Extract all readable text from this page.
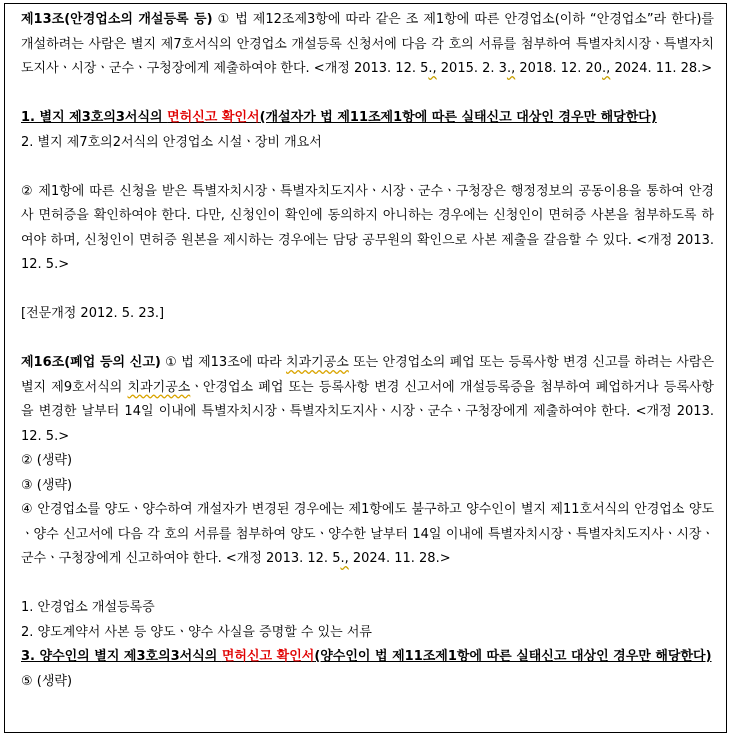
제13조(안경업소의 개설등록 등) ① 법 제12조제3항에 따라 같은 조 제1항에 따른 안경업소(이하 “안경업소”라 한다)를 개설하려는 사람은 별지 제7호서식의 안경업소 개설등록 신청서에 다음 각 호의 서류를 첨부하여 특별자치시장ㆍ특별자치도지사ㆍ시장ㆍ군수ㆍ구청장에게 제출하여야 한다. <개정 2013. 12. 5., 2015. 2. 3., 2018. 12. 20., 2024. 11. 28.>

1. 별지 제3호의3서식의 면허신고 확인서(개설자가 법 제11조제1항에 따른 실태신고 대상인 경우만 해당한다)

2. 별지 제7호의2서식의 안경업소 시설ㆍ장비 개요서

② 제1항에 따른 신청을 받은 특별자치시장ㆍ특별자치도지사ㆍ시장ㆍ군수ㆍ구청장은 행정정보의 공동이용을 통하여 안경사 면허증을 확인하여야 한다. 다만, 신청인이 확인에 동의하지 아니하는 경우에는 신청인이 면허증 사본을 첨부하도록 하여야 하며, 신청인이 면허증 원본을 제시하는 경우에는 담당 공무원의 확인으로 사본 제출을 갈음할 수 있다. <개정 2013. 12. 5.>

[전문개정 2012. 5. 23.]

제16조(폐업 등의 신고) ① 법 제13조에 따라 치과기공소 또는 안경업소의 폐업 또는 등록사항 변경 신고를 하려는 사람은 별지 제9호서식의 치과기공소ㆍ안경업소 폐업 또는 등록사항 변경 신고서에 개설등록증을 첨부하여 폐업하거나 등록사항을 변경한 날부터 14일 이내에 특별자치시장ㆍ특별자치도지사ㆍ시장ㆍ군수ㆍ구청장에게 제출하여야 한다. <개정 2013. 12. 5.>

② (생략)

③ (생략)

④ 안경업소를 양도ㆍ양수하여 개설자가 변경된 경우에는 제1항에도 불구하고 양수인이 별지 제11호서식의 안경업소 양도ㆍ양수 신고서에 다음 각 호의 서류를 첨부하여 양도ㆍ양수한 날부터 14일 이내에 특별자치시장ㆍ특별자치도지사ㆍ시장ㆍ군수ㆍ구청장에게 신고하여야 한다. <개정 2013. 12. 5., 2024. 11. 28.>

1. 안경업소 개설등록증

2. 양도계약서 사본 등 양도ㆍ양수 사실을 증명할 수 있는 서류

3. 양수인의 별지 제3호의3서식의 면허신고 확인서(양수인이 법 제11조제1항에 따른 실태신고 대상인 경우만 해당한다)

⑤ (생략)
